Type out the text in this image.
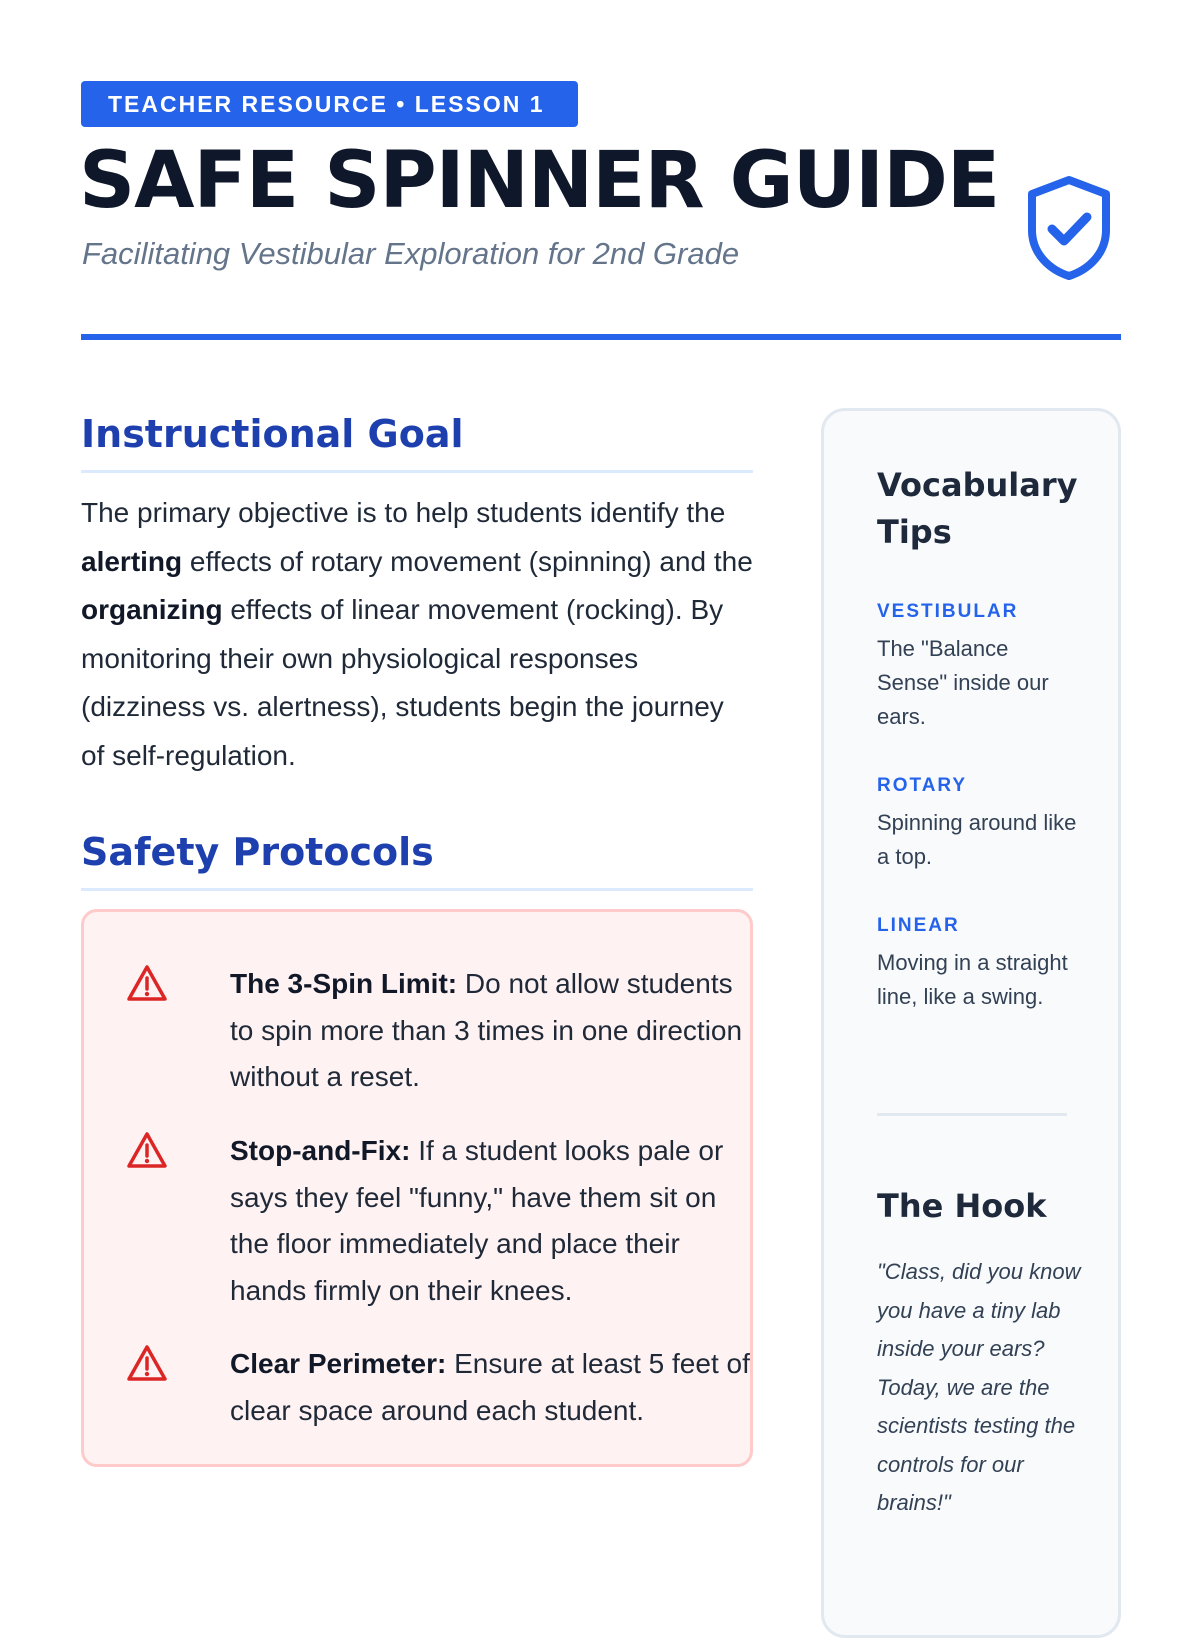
TEACHER RESOURCE • LESSON 1
SAFE SPINNER GUIDE

Facilitating Vestibular Exploration for 2nd Grade

Instructional Goal

The primary objective is to help students identify the alerting effects of rotary movement (spinning) and the organizing effects of linear movement (rocking). By monitoring their own physiological responses (dizziness vs. alertness), students begin the journey of self-regulation.

Safety Protocols

The 3-Spin Limit: Do not allow students to spin more than 3 times in one direction without a reset.

Stop-and-Fix: If a student looks pale or says they feel "funny," have them sit on the floor immediately and place their hands firmly on their knees.

Clear Perimeter: Ensure at least 5 feet of clear space around each student.

Vocabulary Tips

VESTIBULAR

The "Balance Sense" inside our ears.

ROTARY

Spinning around like a top.

LINEAR

Moving in a straight line, like a swing.

The Hook

"Class, did you know you have a tiny lab inside your ears? Today, we are the scientists testing the controls for our brains!"
